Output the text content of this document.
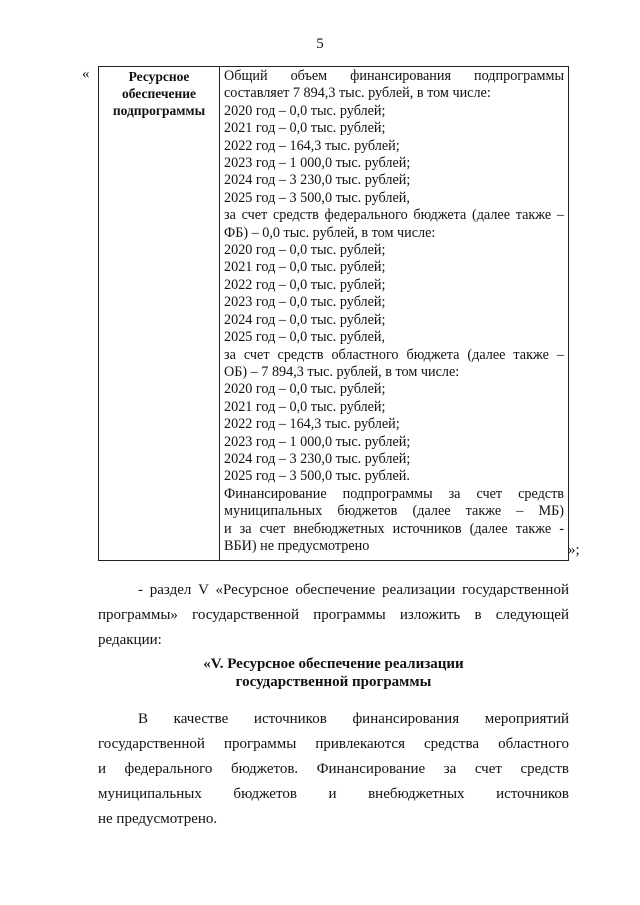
5
«	Ресурсное
обеспечение
подпрограммы

Общий объем финансирования подпрограммы
составляет 7 894,3 тыс. рублей, в том числе:
2020 год – 0,0 тыс. рублей;
2021 год – 0,0 тыс. рублей;
2022 год – 164,3 тыс. рублей;
2023 год – 1 000,0 тыс. рублей;
2024 год – 3 230,0 тыс. рублей;
2025 год – 3 500,0 тыс. рублей,
за счет средств федерального бюджета (далее также –
ФБ) – 0,0 тыс. рублей, в том числе:
2020 год – 0,0 тыс. рублей;
2021 год – 0,0 тыс. рублей;
2022 год – 0,0 тыс. рублей;
2023 год – 0,0 тыс. рублей;
2024 год – 0,0 тыс. рублей;
2025 год – 0,0 тыс. рублей,
за счет средств областного бюджета (далее также –
ОБ) – 7 894,3 тыс. рублей, в том числе:
2020 год – 0,0 тыс. рублей;
2021 год – 0,0 тыс. рублей;
2022 год – 164,3 тыс. рублей;
2023 год – 1 000,0 тыс. рублей;
2024 год – 3 230,0 тыс. рублей;
2025 год – 3 500,0 тыс. рублей.
Финансирование подпрограммы за счет средств
муниципальных бюджетов (далее также – МБ)
и за счет внебюджетных источников (далее также -
ВБИ) не предусмотрено	»;
- раздел V «Ресурсное обеспечение реализации государственной
программы» государственной программы изложить в следующей
редакции:
«V. Ресурсное обеспечение реализации
государственной программы
В качестве источников финансирования мероприятий
государственной программы привлекаются средства областного
и федерального бюджетов. Финансирование за счет средств
муниципальных бюджетов и внебюджетных источников
не предусмотрено.
